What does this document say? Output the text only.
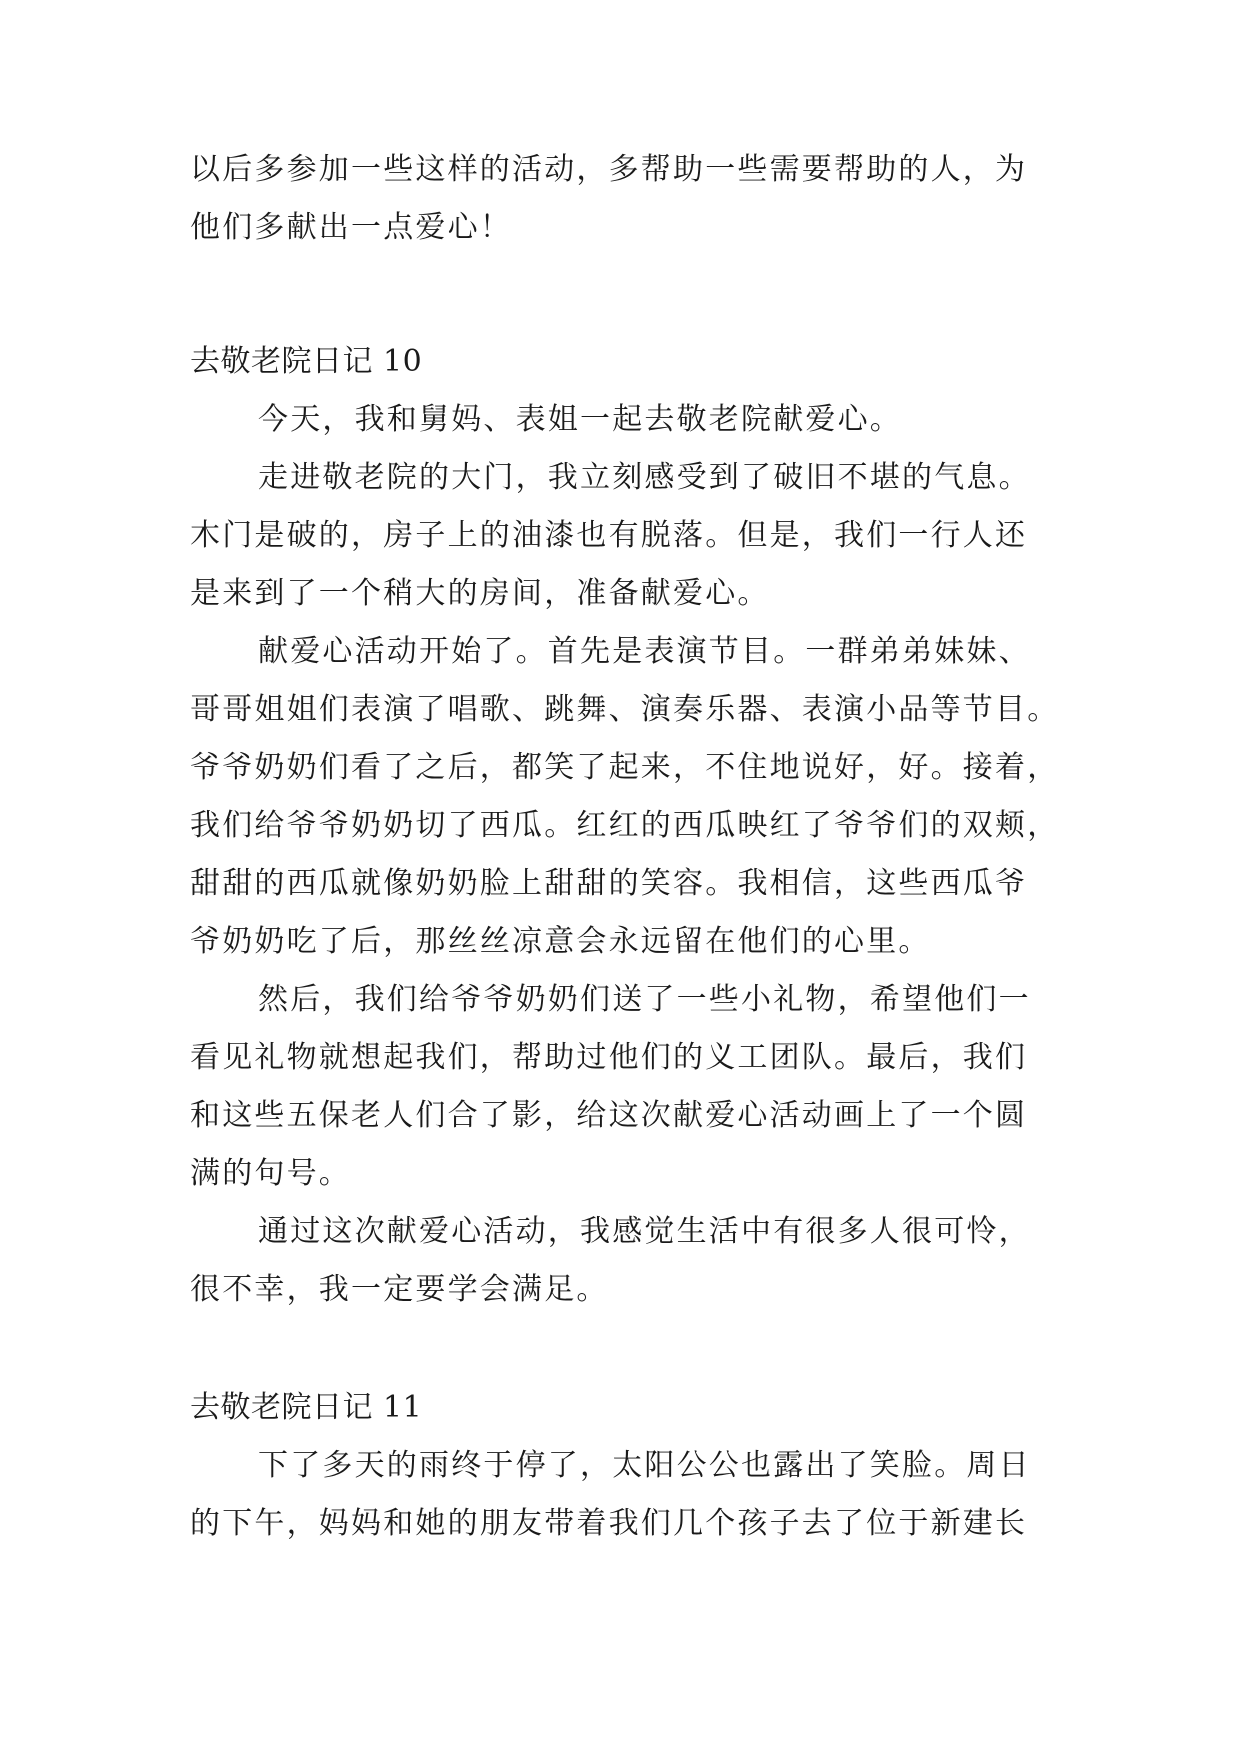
以后多参加一些这样的活动，多帮助一些需要帮助的人，为
他们多献出一点爱心！
去敬老院日记 10
今天，我和舅妈、表姐一起去敬老院献爱心。
走进敬老院的大门，我立刻感受到了破旧不堪的气息。
木门是破的，房子上的油漆也有脱落。但是，我们一行人还
是来到了一个稍大的房间，准备献爱心。
献爱心活动开始了。首先是表演节目。一群弟弟妹妹、
哥哥姐姐们表演了唱歌、跳舞、演奏乐器、表演小品等节目。
爷爷奶奶们看了之后，都笑了起来，不住地说好，好。接着，
我们给爷爷奶奶切了西瓜。红红的西瓜映红了爷爷们的双颊，
甜甜的西瓜就像奶奶脸上甜甜的笑容。我相信，这些西瓜爷
爷奶奶吃了后，那丝丝凉意会永远留在他们的心里。
然后，我们给爷爷奶奶们送了一些小礼物，希望他们一
看见礼物就想起我们，帮助过他们的义工团队。最后，我们
和这些五保老人们合了影，给这次献爱心活动画上了一个圆
满的句号。
通过这次献爱心活动，我感觉生活中有很多人很可怜，
很不幸，我一定要学会满足。
去敬老院日记 11
下了多天的雨终于停了，太阳公公也露出了笑脸。周日
的下午，妈妈和她的朋友带着我们几个孩子去了位于新建长
